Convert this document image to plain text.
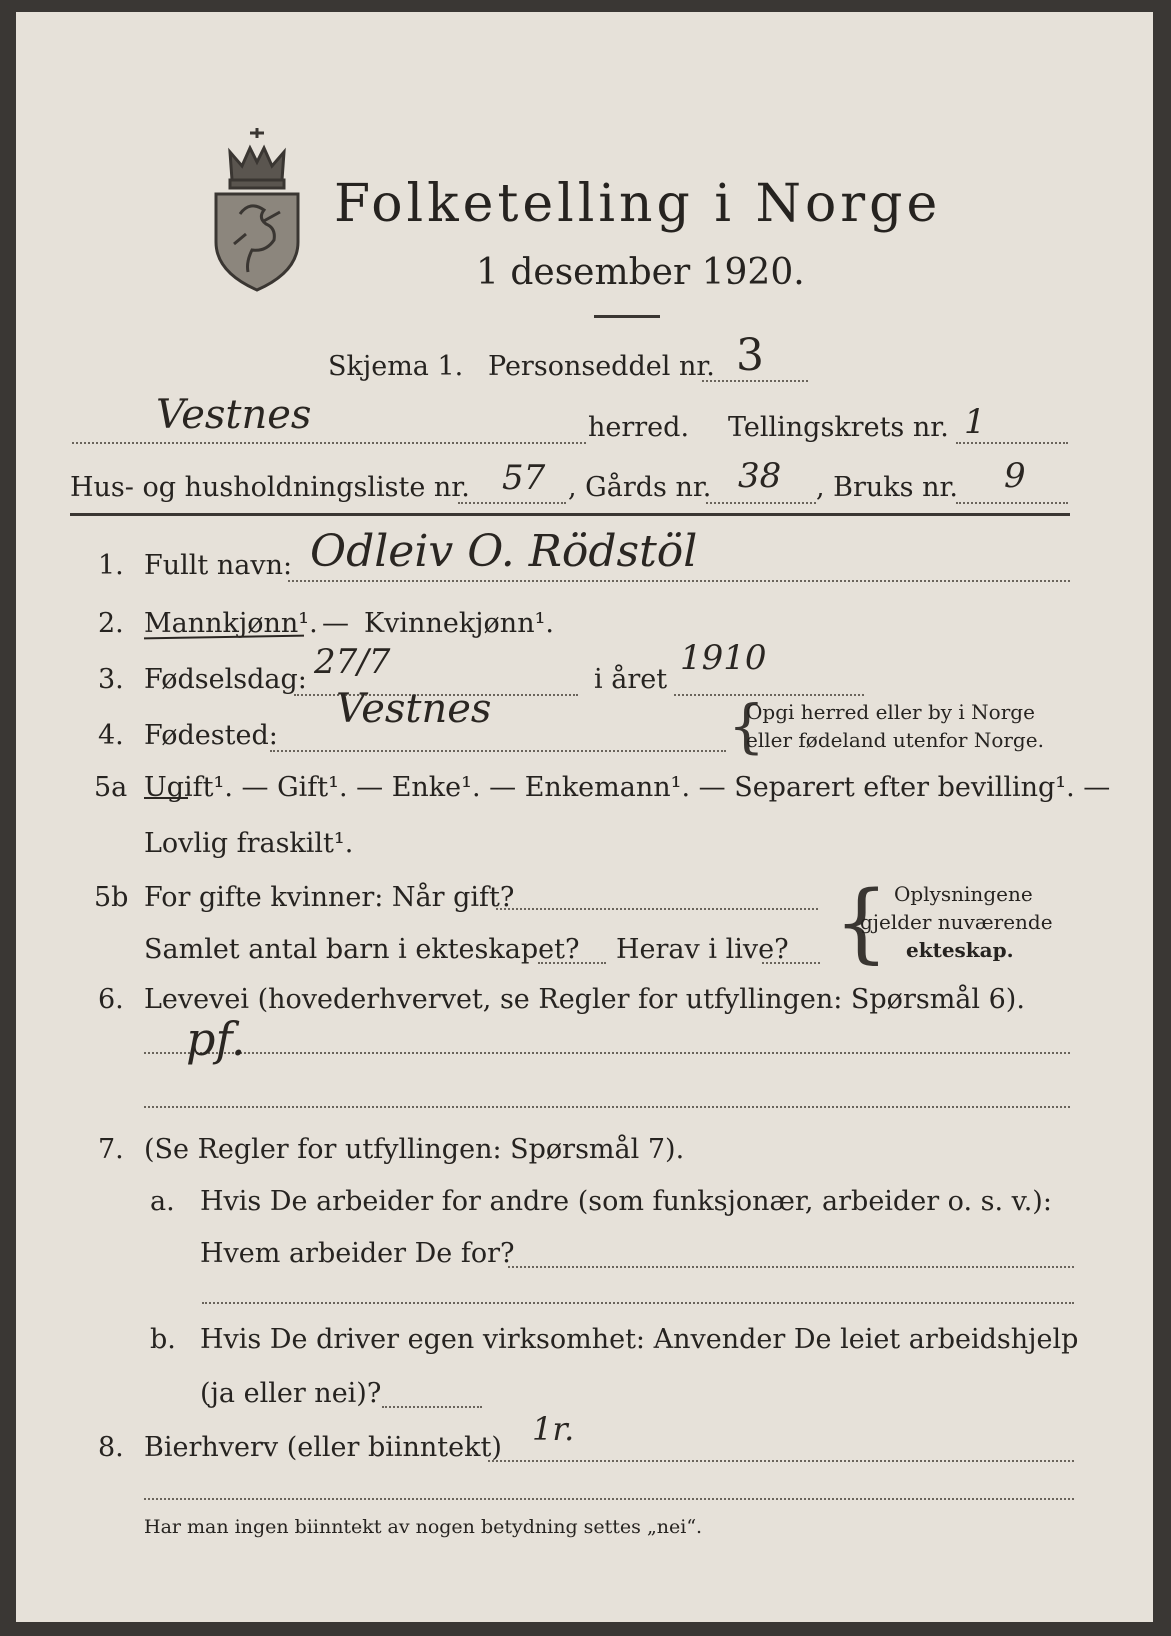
Folketelling i Norge
1 desember 1920.
Skjema 1. Personseddel nr. 3
Vestnes	herred. Tellingskrets nr. 1
Hus- og husholdningsliste nr. 57 , Gårds nr. 38 , Bruks nr. 9
1. Fullt navn: Odleiv O. Rödstöl
2. Mannkjønn¹. — Kvinnekjønn¹.
3. Fødselsdag: 27/7	i året
1910
4. Fødested:
Vestnes	{
Opgi herred eller by i Norge
eller fødeland utenfor Norge.
5a Ugift¹. — Gift¹. — Enke¹. — Enkemann¹. — Separert efter bevilling¹. —
Lovlig fraskilt¹.
5b For gifte kvinner: Når gift?
Samlet antal barn i ekteskapet? Herav i live? { Oplysningene
gjelder nuværende
ekteskap.
6. Levevei (hovederhvervet, se Regler for utfyllingen: Spørsmål 6).
pf.
7. (Se Regler for utfyllingen: Spørsmål 7).
a. Hvis De arbeider for andre (som funksjonær, arbeider o. s. v.):
Hvem arbeider De for?
b. Hvis De driver egen virksomhet: Anvender De leiet arbeidshjelp
(ja eller nei)?
8. Bierhverv (eller biinntekt) 1r.
Har man ingen biinntekt av nogen betydning settes „nei“.
